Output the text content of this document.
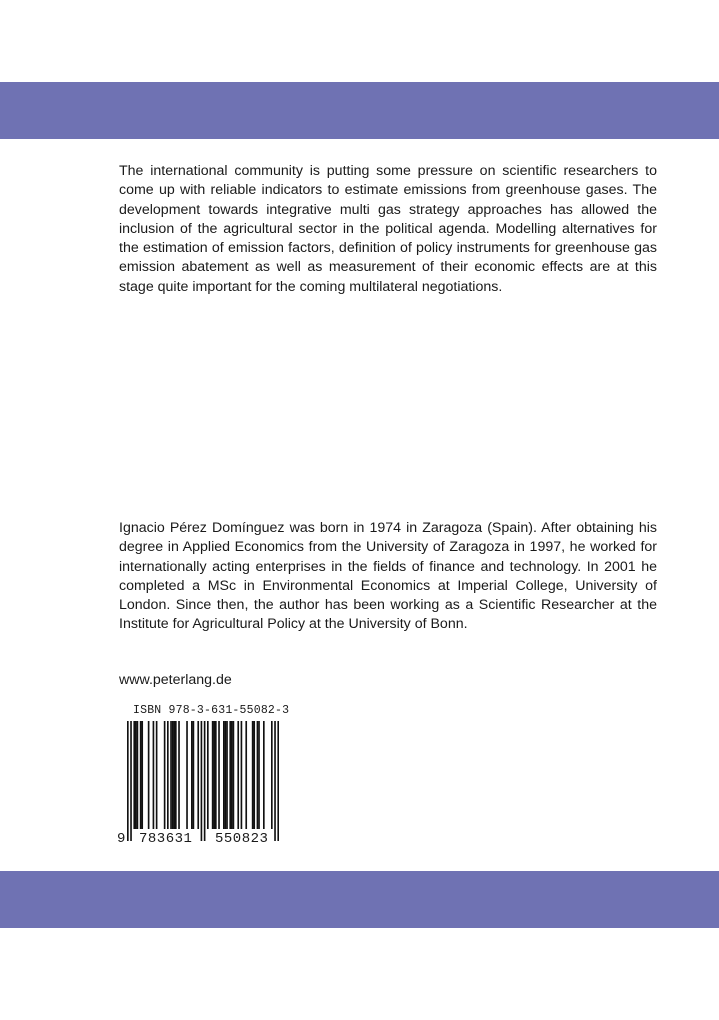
The international community is putting some pressure on scientific researchers to come up with reliable indicators to estimate emissions from greenhouse gases. The development towards integrative multi gas strategy approaches has allowed the inclusion of the agricultural sector in the political agenda. Modelling alternatives for the estimation of emission factors, definition of policy instruments for greenhouse gas emission abatement as well as measurement of their economic effects are at this stage quite important for the coming multilateral negotiations.

Ignacio Pérez Domínguez was born in 1974 in Zaragoza (Spain). After obtaining his degree in Applied Economics from the University of Zaragoza in 1997, he worked for internationally acting enterprises in the fields of finance and technology. In 2001 he completed a MSc in Environmental Economics at Imperial College, University of London. Since then, the author has been working as a Scientific Researcher at the Institute for Agricultural Policy at the University of Bonn.

www.peterlang.de

ISBN 978-3-631-55082-3
9 783631 550823
